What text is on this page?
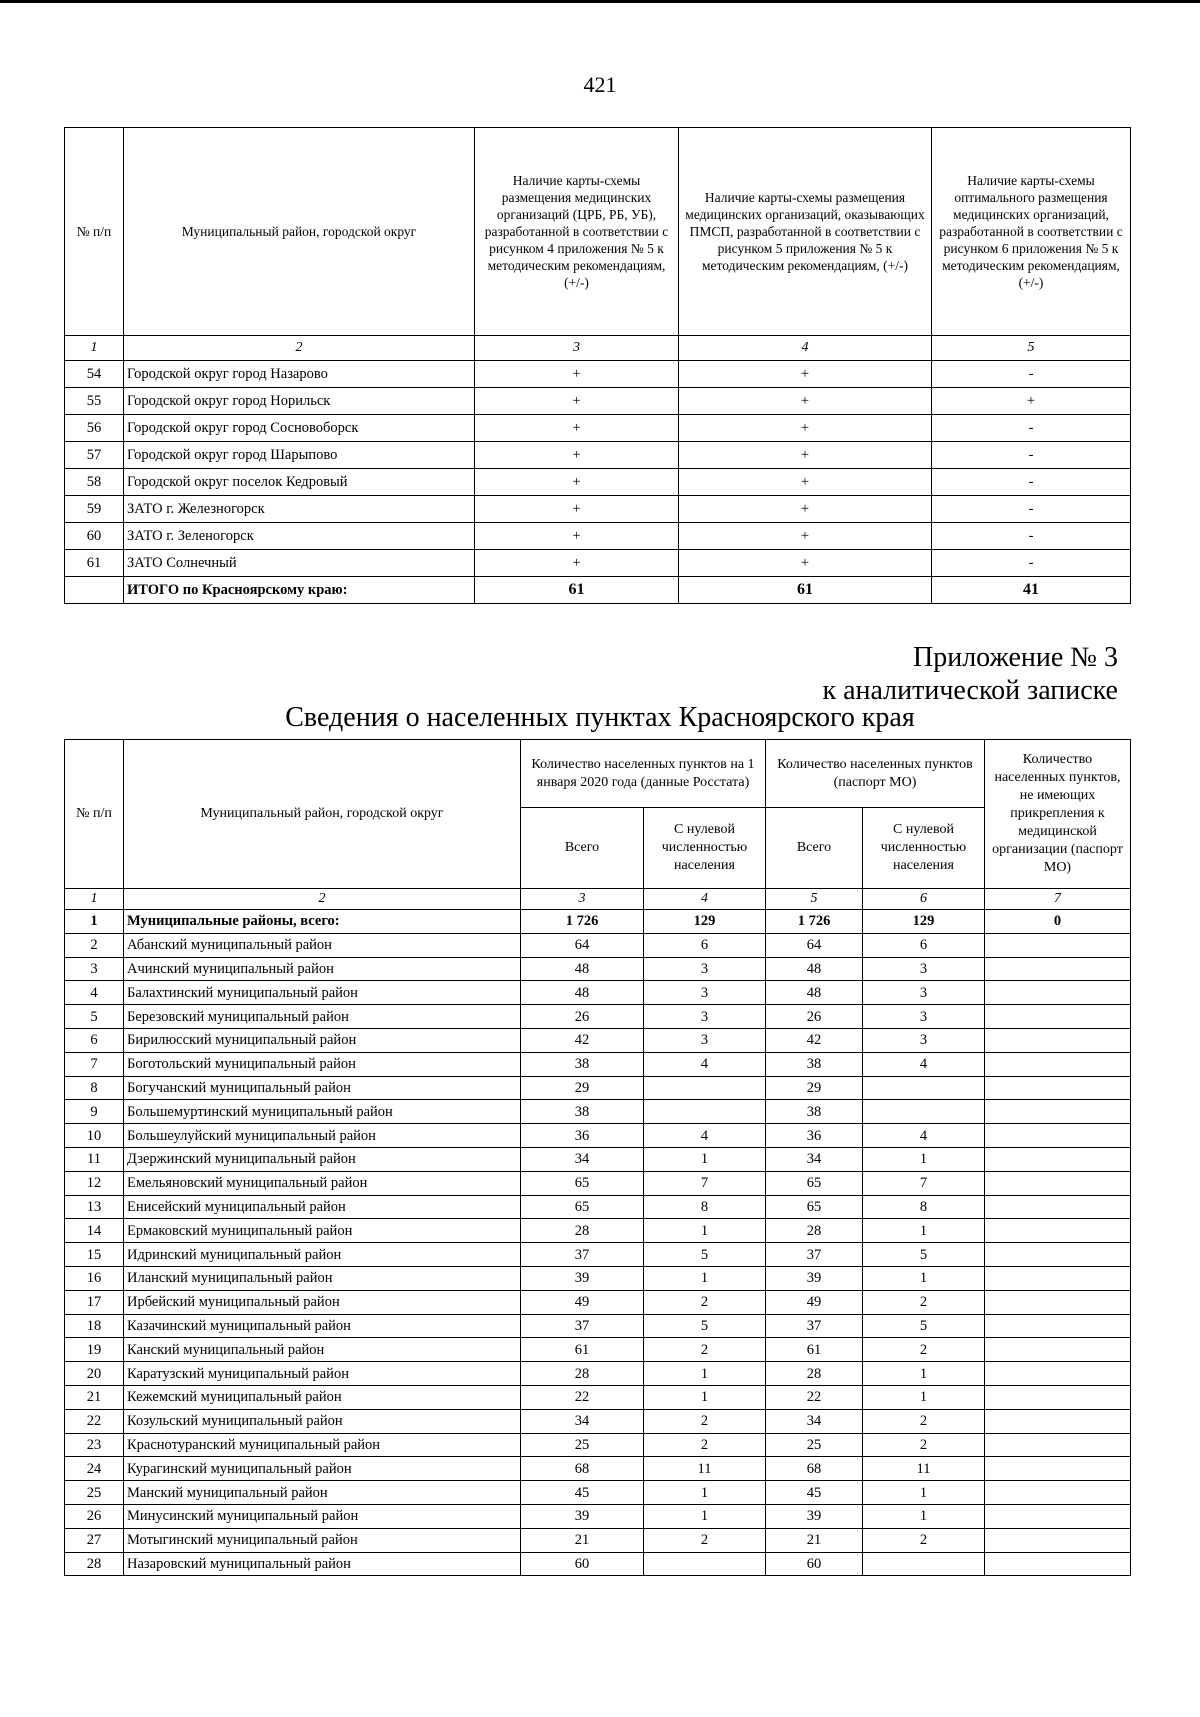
421
№ п/п	Муниципальный район, городской округ	Наличие карты-схемы размещения медицинских организаций (ЦРБ, РБ, УБ), разработанной в соответствии с рисунком 4 приложения № 5 к методическим рекомендациям, (+/-)	Наличие карты-схемы размещения медицинских организаций, оказывающих ПМСП, разработанной в соответствии с рисунком 5 приложения № 5 к методическим рекомендациям, (+/-)	Наличие карты-схемы оптимального размещения медицинских организаций, разработанной в соответствии с рисунком 6 приложения № 5 к методическим рекомендациям, (+/-)
1	2	3	4	5
54	Городской округ город Назарово	+	+	-
55	Городской округ город Норильск	+	+	+
56	Городской округ город Сосновоборск	+	+	-
57	Городской округ город Шарыпово	+	+	-
58	Городской округ поселок Кедровый	+	+	-
59	ЗАТО г. Железногорск	+	+	-
60	ЗАТО г. Зеленогорск	+	+	-
61	ЗАТО Солнечный	+	+	-
	ИТОГО по Красноярскому краю:	61	61	41
Приложение № 3
к аналитической записке
Сведения о населенных пунктах Красноярского края
№ п/п	Муниципальный район, городской округ	Количество населенных пунктов на 1 января 2020 года (данные Росстата)		Количество населенных пунктов (паспорт МО)		Количество населенных пунктов, не имеющих прикрепления к медицинской организации (паспорт МО)
		Всего	С нулевой численностью населения	Всего	С нулевой численностью населения	
1	2	3	4	5	6	7
1	Муниципальные районы, всего:	1 726	129	1 726	129	0
2	Абанский муниципальный район	64	6	64	6	
3	Ачинский муниципальный район	48	3	48	3	
4	Балахтинский муниципальный район	48	3	48	3	
5	Березовский муниципальный район	26	3	26	3	
6	Бирилюсский муниципальный район	42	3	42	3	
7	Боготольский муниципальный район	38	4	38	4	
8	Богучанский муниципальный район	29		29		
9	Большемуртинский муниципальный район	38		38		
10	Большеулуйский муниципальный район	36	4	36	4	
11	Дзержинский муниципальный район	34	1	34	1	
12	Емельяновский муниципальный район	65	7	65	7	
13	Енисейский муниципальный район	65	8	65	8	
14	Ермаковский муниципальный район	28	1	28	1	
15	Идринский муниципальный район	37	5	37	5	
16	Иланский муниципальный район	39	1	39	1	
17	Ирбейский муниципальный район	49	2	49	2	
18	Казачинский муниципальный район	37	5	37	5	
19	Канский муниципальный район	61	2	61	2	
20	Каратузский муниципальный район	28	1	28	1	
21	Кежемский муниципальный район	22	1	22	1	
22	Козульский муниципальный район	34	2	34	2	
23	Краснотуранский муниципальный район	25	2	25	2	
24	Курагинский муниципальный район	68	11	68	11	
25	Манский муниципальный район	45	1	45	1	
26	Минусинский муниципальный район	39	1	39	1	
27	Мотыгинский муниципальный район	21	2	21	2	
28	Назаровский муниципальный район	60		60		
